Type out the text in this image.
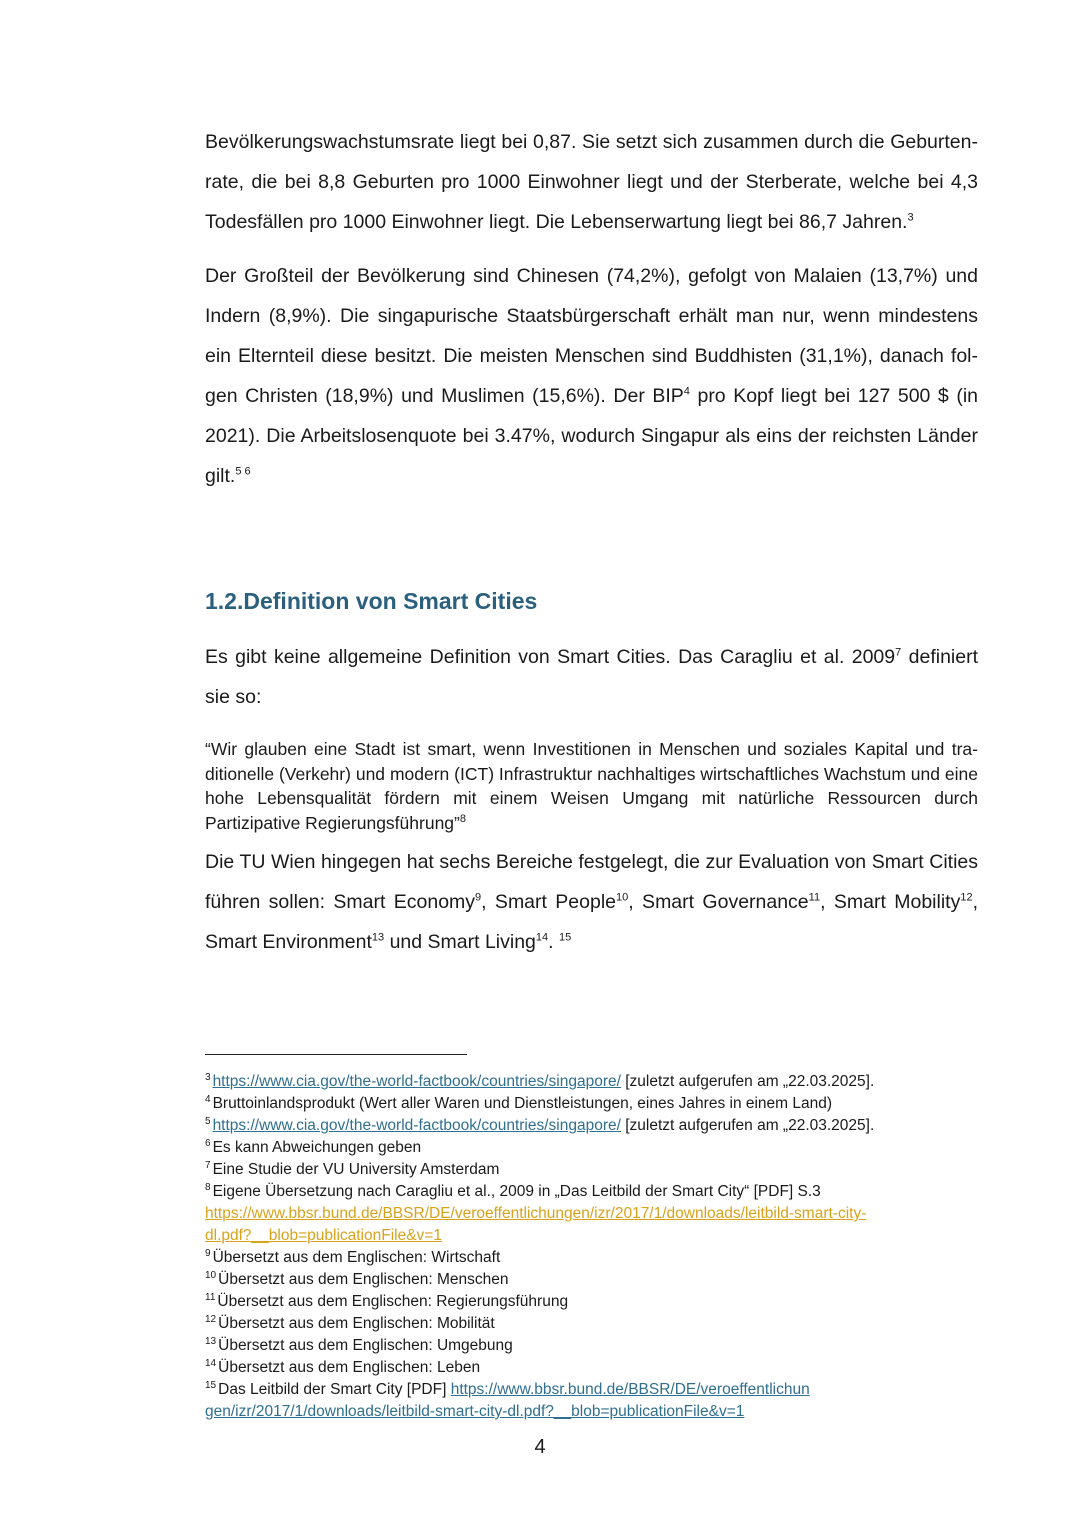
Bevölkerungswachstumsrate liegt bei 0,87. Sie setzt sich zusammen durch die Geburtenrate, die bei 8,8 Geburten pro 1000 Einwohner liegt und der Sterberate, welche bei 4,3 Todesfällen pro 1000 Einwohner liegt. Die Lebenserwartung liegt bei 86,7 Jahren.$^3$

Der Großteil der Bevölkerung sind Chinesen (74,2%), gefolgt von Malaien (13,7%) und Indern (8,9%). Die singapurische Staatsbürgerschaft erhält man nur, wenn mindestens ein Elternteil diese besitzt. Die meisten Menschen sind Buddhisten (31,1%), danach folgen Christen (18,9%) und Muslimen (15,6%). Der BIP$^4$ pro Kopf liegt bei 127 500 $ (in 2021). Die Arbeitslosenquote bei 3.47%, wodurch Singapur als eins der reichsten Länder gilt.$^{5 6}$

1.2.Definition von Smart Cities

Es gibt keine allgemeine Definition von Smart Cities. Das Caragliu et al. 2009$^7$ definiert sie so:

“Wir glauben eine Stadt ist smart, wenn Investitionen in Menschen und soziales Kapital und traditionelle (Verkehr) und modern (ICT) Infrastruktur nachhaltiges wirtschaftliches Wachstum und eine hohe Lebensqualität fördern mit einem Weisen Umgang mit natürliche Ressourcen durch Partizipative Regierungsführung”$^8$

Die TU Wien hingegen hat sechs Bereiche festgelegt, die zur Evaluation von Smart Cities führen sollen: Smart Economy$^9$, Smart People$^{10}$, Smart Governance$^{11}$, Smart Mobility$^{12}$, Smart Environment$^{13}$ und Smart Living$^{14}$. $^{15}$

$^3$ https://www.cia.gov/the-world-factbook/countries/singapore/ [zuletzt aufgerufen am „22.03.2025].
$^4$ Bruttoinlandsprodukt (Wert aller Waren und Dienstleistungen, eines Jahres in einem Land)
$^5$ https://www.cia.gov/the-world-factbook/countries/singapore/ [zuletzt aufgerufen am „22.03.2025].
$^6$ Es kann Abweichungen geben
$^7$ Eine Studie der VU University Amsterdam
$^8$ Eigene Übersetzung nach Caragliu et al., 2009 in „Das Leitbild der Smart City“ [PDF] S.3
https://www.bbsr.bund.de/BBSR/DE/veroeffentlichungen/izr/2017/1/downloads/leitbild-smart-city-
dl.pdf?__blob=publicationFile&v=1
$^9$ Übersetzt aus dem Englischen: Wirtschaft
$^{10}$ Übersetzt aus dem Englischen: Menschen
$^{11}$ Übersetzt aus dem Englischen: Regierungsführung
$^{12}$ Übersetzt aus dem Englischen: Mobilität
$^{13}$ Übersetzt aus dem Englischen: Umgebung
$^{14}$ Übersetzt aus dem Englischen: Leben
$^{15}$ Das Leitbild der Smart City [PDF] https://www.bbsr.bund.de/BBSR/DE/veroeffentlichun
gen/izr/2017/1/downloads/leitbild-smart-city-dl.pdf?__blob=publicationFile&v=1
4
